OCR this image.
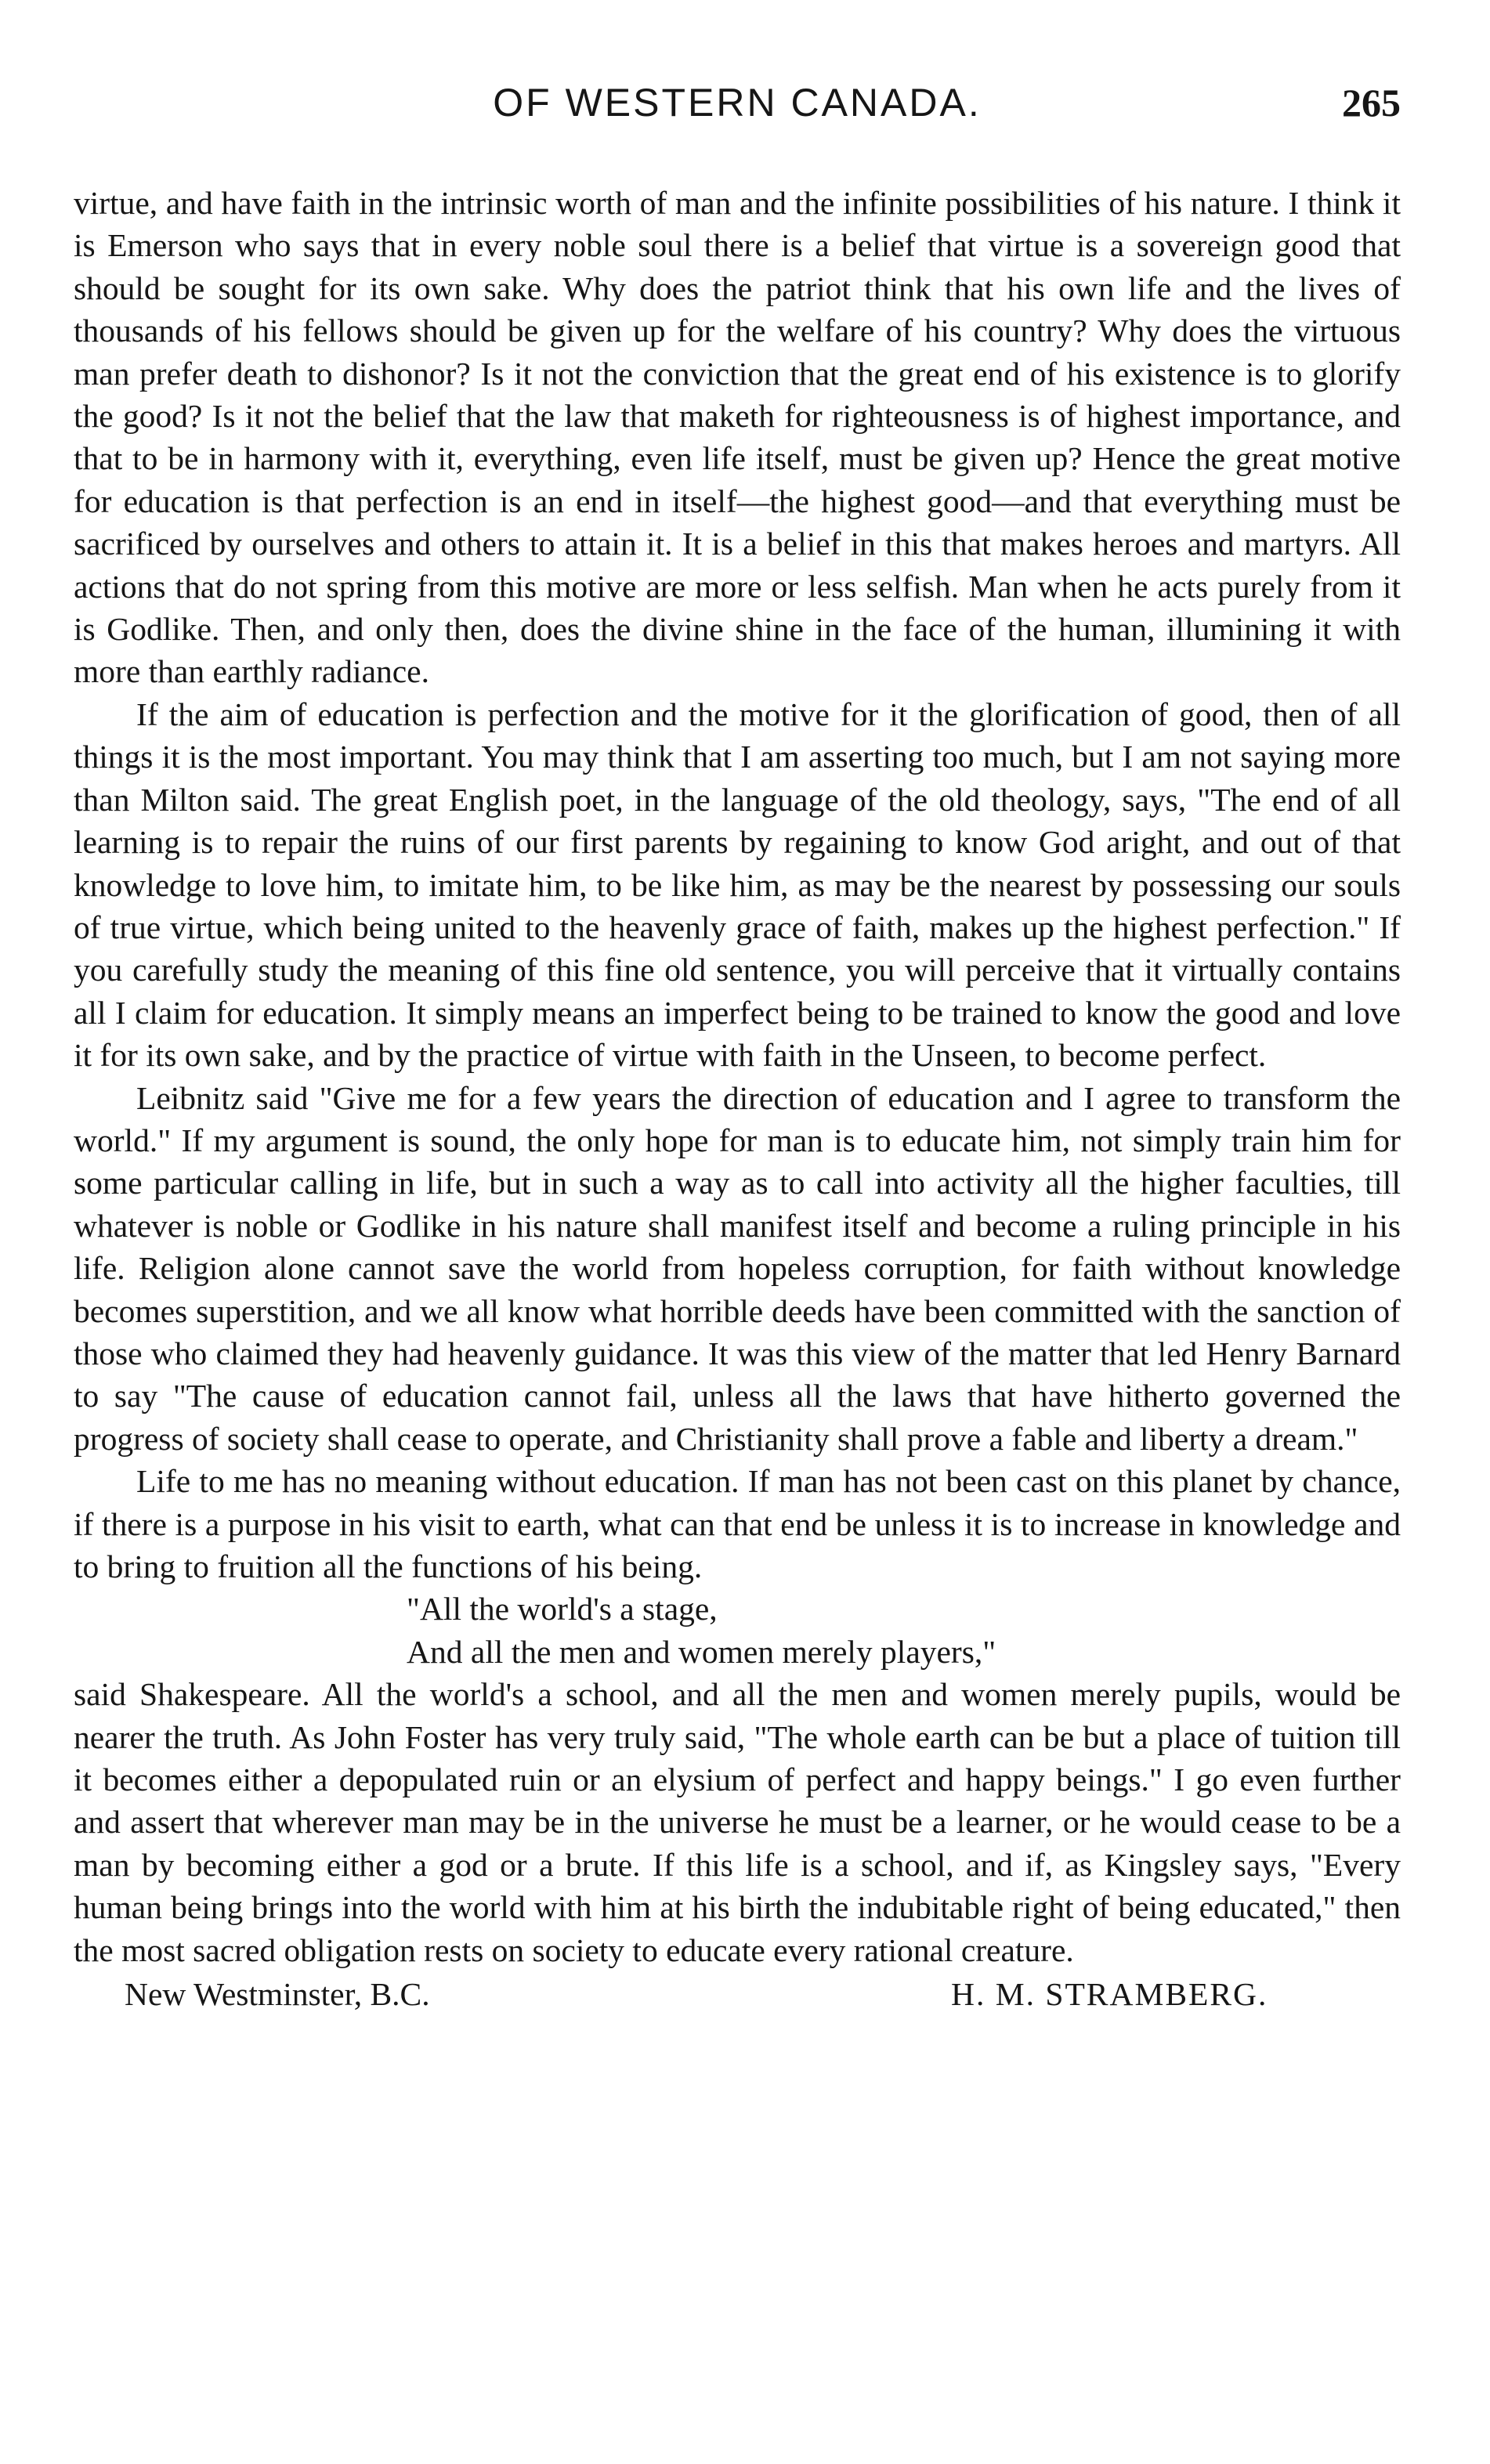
OF WESTERN CANADA.	265

virtue, and have faith in the intrinsic worth of man and the infinite possibilities of his nature. I think it is Emerson who says that in every noble soul there is a belief that virtue is a sovereign good that should be sought for its own sake. Why does the patriot think that his own life and the lives of thousands of his fellows should be given up for the welfare of his country? Why does the virtuous man prefer death to dishonor? Is it not the conviction that the great end of his existence is to glorify the good? Is it not the belief that the law that maketh for righteousness is of highest importance, and that to be in harmony with it, everything, even life itself, must be given up? Hence the great motive for education is that perfection is an end in itself—the highest good—and that everything must be sacrificed by ourselves and others to attain it. It is a belief in this that makes heroes and martyrs. All actions that do not spring from this motive are more or less selfish. Man when he acts purely from it is Godlike. Then, and only then, does the divine shine in the face of the human, illumining it with more than earthly radiance.

If the aim of education is perfection and the motive for it the glorification of good, then of all things it is the most important. You may think that I am asserting too much, but I am not saying more than Milton said. The great English poet, in the language of the old theology, says, "The end of all learning is to repair the ruins of our first parents by regaining to know God aright, and out of that knowledge to love him, to imitate him, to be like him, as may be the nearest by possessing our souls of true virtue, which being united to the heavenly grace of faith, makes up the highest perfection." If you carefully study the meaning of this fine old sentence, you will perceive that it virtually contains all I claim for education. It simply means an imperfect being to be trained to know the good and love it for its own sake, and by the practice of virtue with faith in the Unseen, to become perfect.

Leibnitz said "Give me for a few years the direction of education and I agree to transform the world." If my argument is sound, the only hope for man is to educate him, not simply train him for some particular calling in life, but in such a way as to call into activity all the higher faculties, till whatever is noble or Godlike in his nature shall manifest itself and become a ruling principle in his life. Religion alone cannot save the world from hopeless corruption, for faith without knowledge becomes superstition, and we all know what horrible deeds have been committed with the sanction of those who claimed they had heavenly guidance. It was this view of the matter that led Henry Barnard to say "The cause of education cannot fail, unless all the laws that have hitherto governed the progress of society shall cease to operate, and Christianity shall prove a fable and liberty a dream."

Life to me has no meaning without education. If man has not been cast on this planet by chance, if there is a purpose in his visit to earth, what can that end be unless it is to increase in knowledge and to bring to fruition all the functions of his being.

"All the world's a stage,
And all the men and women merely players,"

said Shakespeare. All the world's a school, and all the men and women merely pupils, would be nearer the truth. As John Foster has very truly said, "The whole earth can be but a place of tuition till it becomes either a depopulated ruin or an elysium of perfect and happy beings." I go even further and assert that wherever man may be in the universe he must be a learner, or he would cease to be a man by becoming either a god or a brute. If this life is a school, and if, as Kingsley says, "Every human being brings into the world with him at his birth the indubitable right of being educated," then the most sacred obligation rests on society to educate every rational creature.

New Westminster, B.C.	H. M. STRAMBERG.
